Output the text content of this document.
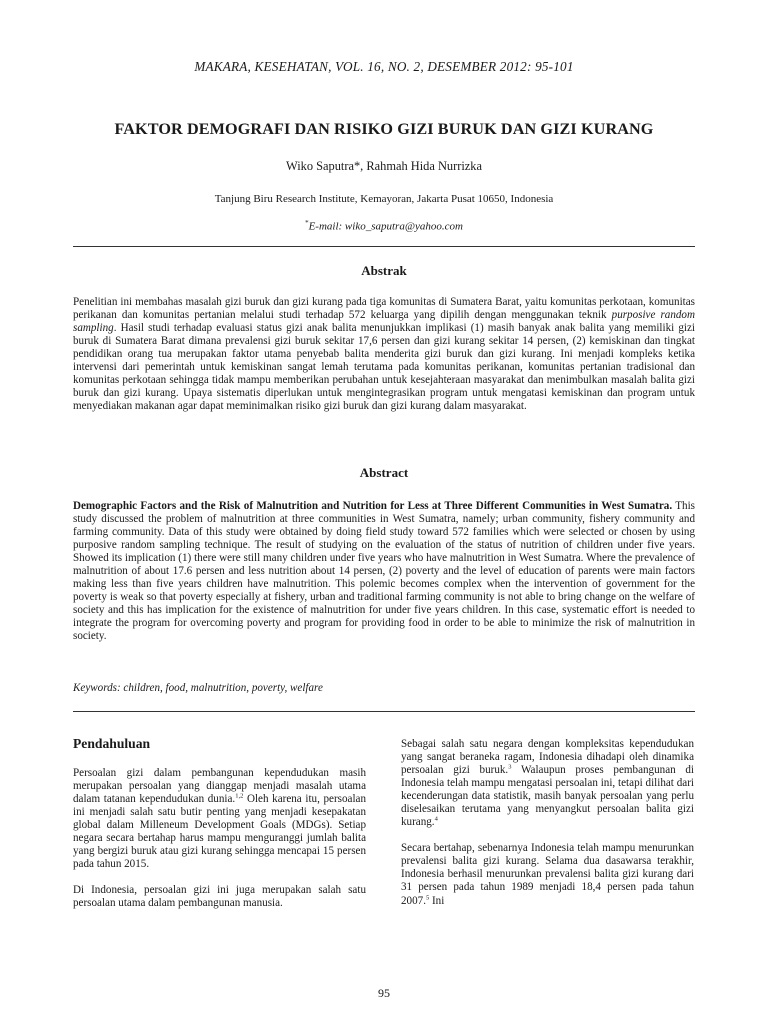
MAKARA, KESEHATAN, VOL. 16, NO. 2, DESEMBER 2012: 95-101
FAKTOR DEMOGRAFI DAN RISIKO GIZI BURUK DAN GIZI KURANG
Wiko Saputra*, Rahmah Hida Nurrizka
Tanjung Biru Research Institute, Kemayoran, Jakarta Pusat 10650, Indonesia
*E-mail: wiko_saputra@yahoo.com
Abstrak
Penelitian ini membahas masalah gizi buruk dan gizi kurang pada tiga komunitas di Sumatera Barat, yaitu komunitas perkotaan, komunitas perikanan dan komunitas pertanian melalui studi terhadap 572 keluarga yang dipilih dengan menggunakan teknik purposive random sampling. Hasil studi terhadap evaluasi status gizi anak balita menunjukkan implikasi (1) masih banyak anak balita yang memiliki gizi buruk di Sumatera Barat dimana prevalensi gizi buruk sekitar 17,6 persen dan gizi kurang sekitar 14 persen, (2) kemiskinan dan tingkat pendidikan orang tua merupakan faktor utama penyebab balita menderita gizi buruk dan gizi kurang. Ini menjadi kompleks ketika intervensi dari pemerintah untuk kemiskinan sangat lemah terutama pada komunitas perikanan, komunitas pertanian tradisional dan komunitas perkotaan sehingga tidak mampu memberikan perubahan untuk kesejahteraan masyarakat dan menimbulkan masalah balita gizi buruk dan gizi kurang. Upaya sistematis diperlukan untuk mengintegrasikan program untuk mengatasi kemiskinan dan program untuk menyediakan makanan agar dapat meminimalkan risiko gizi buruk dan gizi kurang dalam masyarakat.
Abstract
Demographic Factors and the Risk of Malnutrition and Nutrition for Less at Three Different Communities in West Sumatra. This study discussed the problem of malnutrition at three communities in West Sumatra, namely; urban community, fishery community and farming community. Data of this study were obtained by doing field study toward 572 families which were selected or chosen by using purposive random sampling technique. The result of studying on the evaluation of the status of nutrition of children under five years. Showed its implication (1) there were still many children under five years who have malnutrition in West Sumatra. Where the prevalence of malnutrition of about 17.6 persen and less nutrition about 14 persen, (2) poverty and the level of education of parents were main factors making less than five years children have malnutrition. This polemic becomes complex when the intervention of government for the poverty is weak so that poverty especially at fishery, urban and traditional farming community is not able to bring change on the welfare of society and this has implication for the existence of malnutrition for under five years children. In this case, systematic effort is needed to integrate the program for overcoming poverty and program for providing food in order to be able to minimize the risk of malnutrition in society.
Keywords: children, food, malnutrition, poverty, welfare
Pendahuluan

Persoalan gizi dalam pembangunan kependudukan masih merupakan persoalan yang dianggap menjadi masalah utama dalam tatanan kependudukan dunia.$^{1,2}$ Oleh karena itu, persoalan ini menjadi salah satu butir penting yang menjadi kesepakatan global dalam Milleneum Development Goals (MDGs). Setiap negara secara bertahap harus mampu menguranggi jumlah balita yang bergizi buruk atau gizi kurang sehingga mencapai 15 persen pada tahun 2015.

Di Indonesia, persoalan gizi ini juga merupakan salah satu persoalan utama dalam pembangunan manusia.

Sebagai salah satu negara dengan kompleksitas kependudukan yang sangat beraneka ragam, Indonesia dihadapi oleh dinamika persoalan gizi buruk.$^3$ Walaupun proses pembangunan di Indonesia telah mampu mengatasi persoalan ini, tetapi dilihat dari kecenderungan data statistik, masih banyak persoalan yang perlu diselesaikan terutama yang menyangkut persoalan balita gizi kurang.$^4$

Secara bertahap, sebenarnya Indonesia telah mampu menurunkan prevalensi balita gizi kurang. Selama dua dasawarsa terakhir, Indonesia berhasil menurunkan prevalensi balita gizi kurang dari 31 persen pada tahun 1989 menjadi 18,4 persen pada tahun 2007.$^5$ Ini

95
